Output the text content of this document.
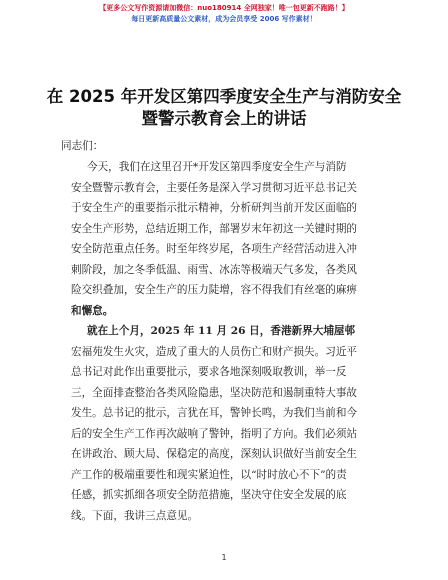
【更多公文写作资源请加微信：nuo180914 全网独家！唯一包更新不跑路！】
每日更新高质量公文素材，成为会员享受 2006 写作素材！
在 2025 年开发区第四季度安全生产与消防安全
暨警示教育会上的讲话
同志们：
今天，我们在这里召开*开发区第四季度安全生产与消防
安全暨警示教育会，主要任务是深入学习贯彻习近平总书记关
于安全生产的重要指示批示精神，分析研判当前开发区面临的
安全生产形势，总结近期工作，部署岁末年初这一关键时期的
安全防范重点任务。时至年终岁尾，各项生产经营活动进入冲
刺阶段，加之冬季低温、雨雪、冰冻等极端天气多发，各类风
险交织叠加，安全生产的压力陡增，容不得我们有丝毫的麻痹
和懈怠。
就在上个月，2025 年 11 月 26 日，香港新界大埔屋邨
宏福苑发生火灾，造成了重大的人员伤亡和财产损失。习近平
总书记对此作出重要批示，要求各地深刻吸取教训，举一反
三，全面排查整治各类风险隐患，坚决防范和遏制重特大事故
发生。总书记的批示，言犹在耳，警钟长鸣，为我们当前和今
后的安全生产工作再次敲响了警钟，指明了方向。我们必须站
在讲政治、顾大局、保稳定的高度，深刻认识做好当前安全生
产工作的极端重要性和现实紧迫性，以“时时放心不下”的责
任感，抓实抓细各项安全防范措施，坚决守住安全发展的底
线。下面，我讲三点意见。
1
